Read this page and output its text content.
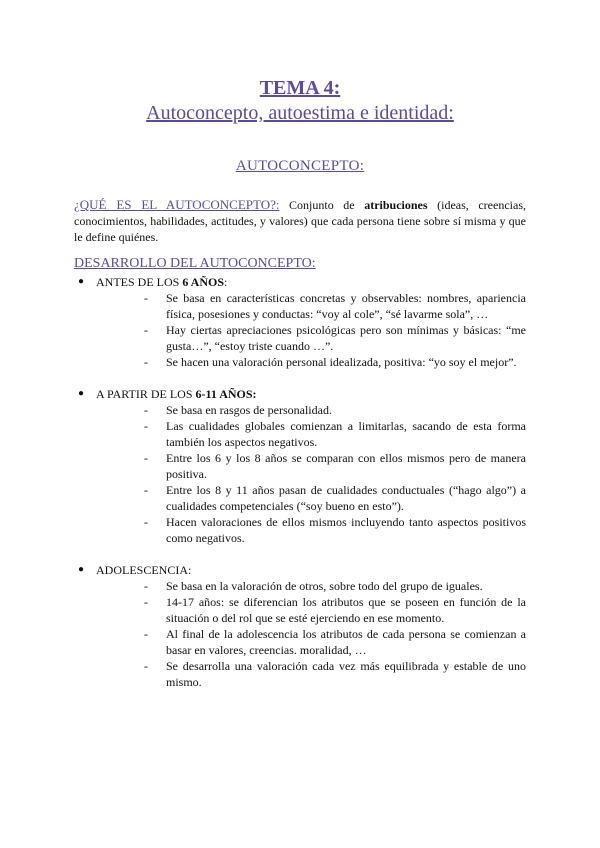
TEMA 4:
Autoconcepto, autoestima e identidad:
AUTOCONCEPTO:
¿QUÉ ES EL AUTOCONCEPTO?: Conjunto de atribuciones (ideas, creencias, conocimientos, habilidades, actitudes, y valores) que cada persona tiene sobre sí misma y que le define quiénes.
DESARROLLO DEL AUTOCONCEPTO:
● ANTES DE LOS 6 AÑOS:
- Se basa en características concretas y observables: nombres, apariencia física, posesiones y conductas: “voy al cole”, “sé lavarme sola”, …
- Hay ciertas apreciaciones psicológicas pero son mínimas y básicas: “me gusta…”, “estoy triste cuando …”.
- Se hacen una valoración personal idealizada, positiva: “yo soy el mejor”.
● A PARTIR DE LOS 6-11 AÑOS:
- Se basa en rasgos de personalidad.
- Las cualidades globales comienzan a limitarlas, sacando de esta forma también los aspectos negativos.
- Entre los 6 y los 8 años se comparan con ellos mismos pero de manera positiva.
- Entre los 8 y 11 años pasan de cualidades conductuales (“hago algo”) a cualidades competenciales (“soy bueno en esto”).
- Hacen valoraciones de ellos mismos incluyendo tanto aspectos positivos como negativos.
● ADOLESCENCIA:
- Se basa en la valoración de otros, sobre todo del grupo de iguales.
- 14-17 años: se diferencian los atributos que se poseen en función de la situación o del rol que se esté ejerciendo en ese momento.
- Al final de la adolescencia los atributos de cada persona se comienzan a basar en valores, creencias. moralidad, …
- Se desarrolla una valoración cada vez más equilibrada y estable de uno mismo.
